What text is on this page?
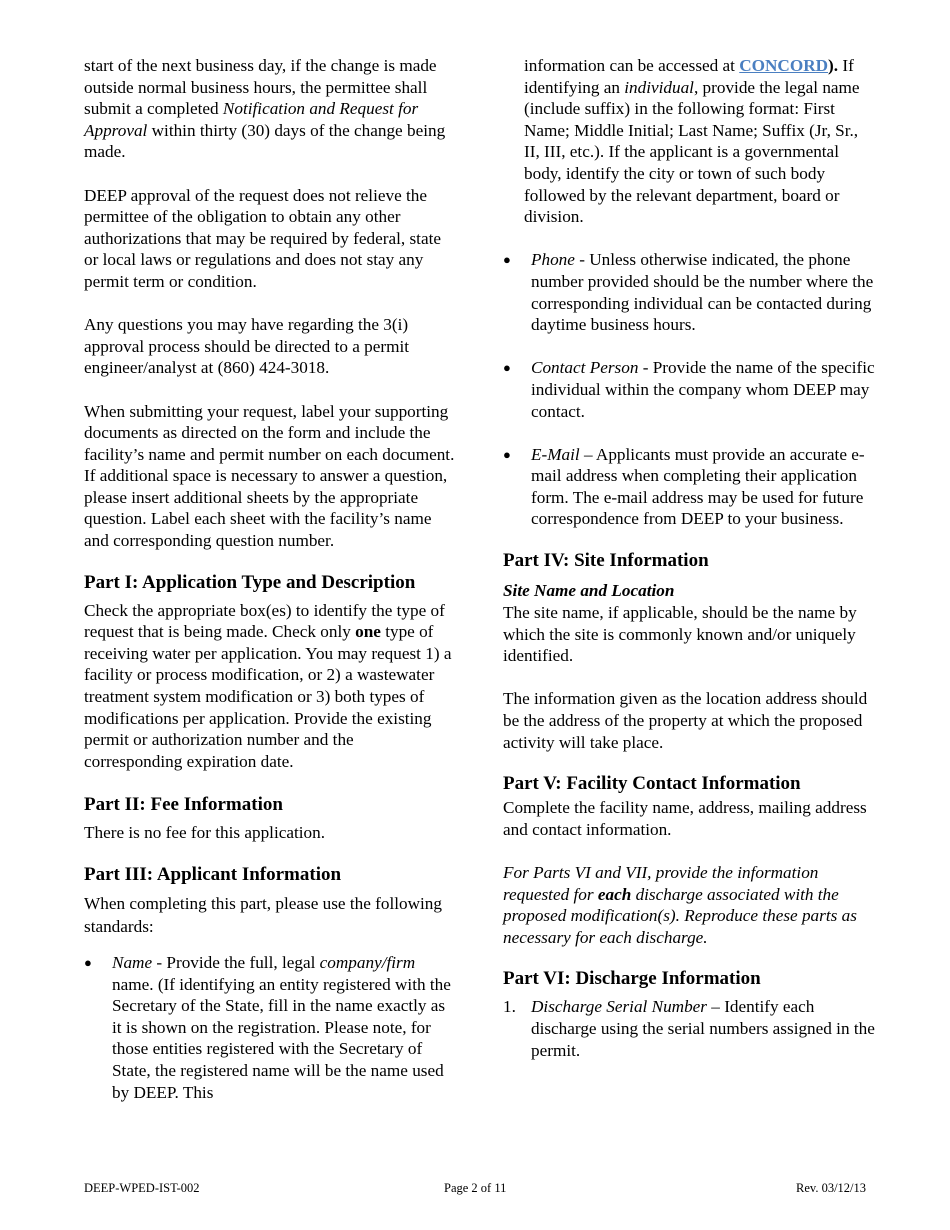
start of the next business day, if the change is made outside normal business hours, the permittee shall submit a completed Notification and Request for Approval within thirty (30) days of the change being made.

DEEP approval of the request does not relieve the permittee of the obligation to obtain any other authorizations that may be required by federal, state or local laws or regulations and does not stay any permit term or condition.

Any questions you may have regarding the 3(i) approval process should be directed to a permit engineer/analyst at (860) 424-3018.

When submitting your request, label your supporting documents as directed on the form and include the facility’s name and permit number on each document. If additional space is necessary to answer a question, please insert additional sheets by the appropriate question. Label each sheet with the facility’s name and corresponding question number.

Part I: Application Type and Description

Check the appropriate box(es) to identify the type of request that is being made. Check only one type of receiving water per application. You may request 1) a facility or process modification, or 2) a wastewater treatment system modification or 3) both types of modifications per application. Provide the existing permit or authorization number and the corresponding expiration date.

Part II: Fee Information

There is no fee for this application.

Part III: Applicant Information

When completing this part, please use the following standards:

● Name - Provide the full, legal company/firm name. (If identifying an entity registered with the Secretary of the State, fill in the name exactly as it is shown on the registration. Please note, for those entities registered with the Secretary of State, the registered name will be the name used by DEEP. This

information can be accessed at CONCORD). If identifying an individual, provide the legal name (include suffix) in the following format: First Name; Middle Initial; Last Name; Suffix (Jr, Sr., II, III, etc.). If the applicant is a governmental body, identify the city or town of such body followed by the relevant department, board or division.

● Phone - Unless otherwise indicated, the phone number provided should be the number where the corresponding individual can be contacted during daytime business hours.

● Contact Person - Provide the name of the specific individual within the company whom DEEP may contact.

● E-Mail – Applicants must provide an accurate e-mail address when completing their application form. The e-mail address may be used for future correspondence from DEEP to your business.

Part IV: Site Information

Site Name and Location

The site name, if applicable, should be the name by which the site is commonly known and/or uniquely identified.

The information given as the location address should be the address of the property at which the proposed activity will take place.

Part V: Facility Contact Information

Complete the facility name, address, mailing address and contact information.

For Parts VI and VII, provide the information requested for each discharge associated with the proposed modification(s). Reproduce these parts as necessary for each discharge.

Part VI: Discharge Information
1. Discharge Serial Number – Identify each discharge using the serial numbers assigned in the permit.

DEEP-WPED-IST-002	Page 2 of 11	Rev. 03/12/13
